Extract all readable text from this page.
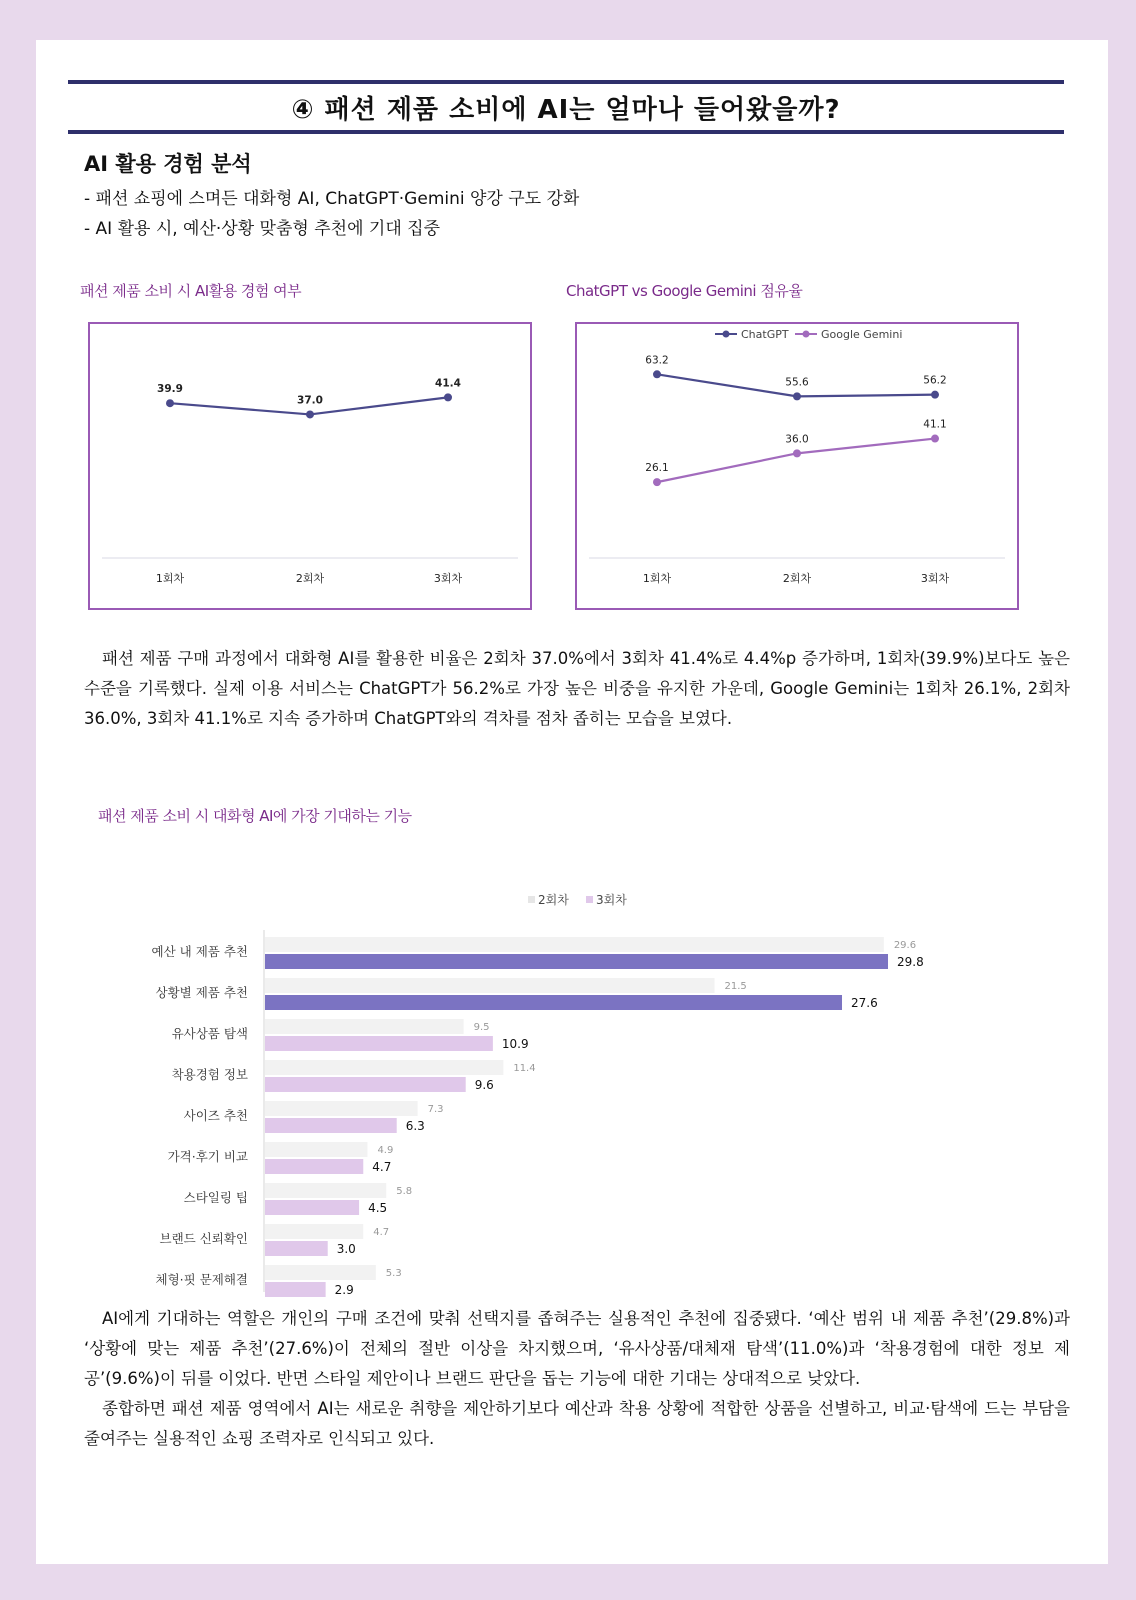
④ 패션 제품 소비에 AI는 얼마나 들어왔을까?
AI 활용 경험 분석
- 패션 쇼핑에 스며든 대화형 AI, ChatGPT·Gemini 양강 구도 강화
- AI 활용 시, 예산·상황 맞춤형 추천에 기대 집중
패션 제품 소비 시 AI활용 경험 여부	ChatGPT vs Google Gemini 점유율
1회차	2회차	3회차
39.9
37.0
41.4
1회차	2회차	3회차
ChatGPT	Google Gemini
63.2
55.6	56.2
26.1
36.0
41.1

패션 제품 구매 과정에서 대화형 AI를 활용한 비율은 2회차 37.0%에서 3회차 41.4%로 4.4%p 증가하며, 1회차(39.9%)보다도 높은 수준을 기록했다. 실제 이용 서비스는 ChatGPT가 56.2%로 가장 높은 비중을 유지한 가운데, Google Gemini는 1회차 26.1%, 2회차 36.0%, 3회차 41.1%로 지속 증가하며 ChatGPT와의 격차를 점차 좁히는 모습을 보였다.

패션 제품 소비 시 대화형 AI에 가장 기대하는 기능
2회차 3회차
예산 내 제품 추천	29.6
29.8
상황별 제품 추천	21.5
27.6
유사상품 탐색	9.5
10.9
착용경험 정보	11.4
9.6
사이즈 추천	7.3
6.3
가격·후기 비교	4.9
4.7
스타일링 팁	5.8
4.5
브랜드 신뢰확인	4.7
3.0
체형·핏 문제해결	5.3
2.9

AI에게 기대하는 역할은 개인의 구매 조건에 맞춰 선택지를 좁혀주는 실용적인 추천에 집중됐다. ‘예산 범위 내 제품 추천’(29.8%)과 ‘상황에 맞는 제품 추천’(27.6%)이 전체의 절반 이상을 차지했으며, ‘유사상품/대체재 탐색’(11.0%)과 ‘착용경험에 대한 정보 제공’(9.6%)이 뒤를 이었다. 반면 스타일 제안이나 브랜드 판단을 돕는 기능에 대한 기대는 상대적으로 낮았다.
종합하면 패션 제품 영역에서 AI는 새로운 취향을 제안하기보다 예산과 착용 상황에 적합한 상품을 선별하고, 비교·탐색에 드는 부담을 줄여주는 실용적인 쇼핑 조력자로 인식되고 있다.
